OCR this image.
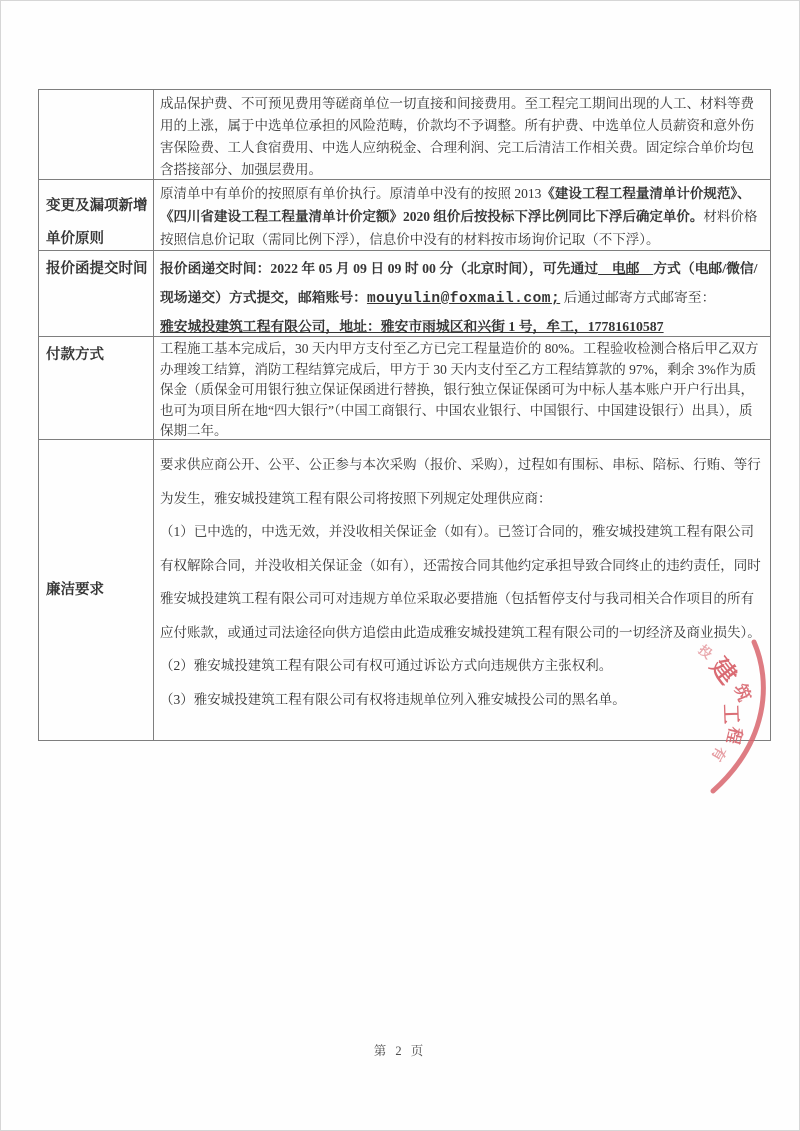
成品保护费、不可预见费用等磋商单位一切直接和间接费用。至工程完工期间出现的人工、材料等费用的上涨，属于中选单位承担的风险范畴，价款均不予调整。所有护费、中选单位人员薪资和意外伤害保险费、工人食宿费用、中选人应纳税金、合理利润、完工后清洁工作相关费。固定综合单价均包含搭接部分、加强层费用。
变更及漏项新增
单价原则
原清单中有单价的按照原有单价执行。原清单中没有的按照 2013《建设工程工程量清单计价规范》、《四川省建设工程工程量清单计价定额》2020 组价后按投标下浮比例同比下浮后确定单价。材料价格按照信息价记取（需同比例下浮），信息价中没有的材料按市场询价记取（不下浮）。
报价函提交时间 报价函递交时间：2022 年 05 月 09 日 09 时 00 分（北京时间），可先通过　电邮　方式（电邮/微信/现场递交）方式提交，邮箱账号：mouyulin@foxmail.com; 后通过邮寄方式邮寄至：
雅安城投建筑工程有限公司，地址：雅安市雨城区和兴街 1 号，牟工，17781610587
付款方式	工程施工基本完成后，30 天内甲方支付至乙方已完工程量造价的 80%。工程验收检测合格后甲乙双方办理竣工结算，消防工程结算完成后，甲方于 30 天内支付至乙方工程结算款的 97%，剩余 3%作为质保金（质保金可用银行独立保证保函进行替换，银行独立保证保函可为中标人基本账户开户行出具，也可为项目所在地“四大银行”（中国工商银行、中国农业银行、中国银行、中国建设银行）出具），质保期二年。
廉洁要求

要求供应商公开、公平、公正参与本次采购（报价、采购），过程如有围标、串标、陪标、行贿、等行为发生，雅安城投建筑工程有限公司将按照下列规定处理供应商：

（1）已中选的，中选无效，并没收相关保证金（如有）。已签订合同的，雅安城投建筑工程有限公司有权解除合同，并没收相关保证金（如有），还需按合同其他约定承担导致合同终止的违约责任，同时雅安城投建筑工程有限公司可对违规方单位采取必要措施（包括暂停支付与我司相关合作项目的所有应付账款，或通过司法途径向供方追偿由此造成雅安城投建筑工程有限公司的一切经济及商业损失）。

（2）雅安城投建筑工程有限公司有权可通过诉讼方式向违规供方主张权利。

（3）雅安城投建筑工程有限公司有权将违规单位列入雅安城投公司的黑名单。

投
建
筑
工
程
有
第 2 页
